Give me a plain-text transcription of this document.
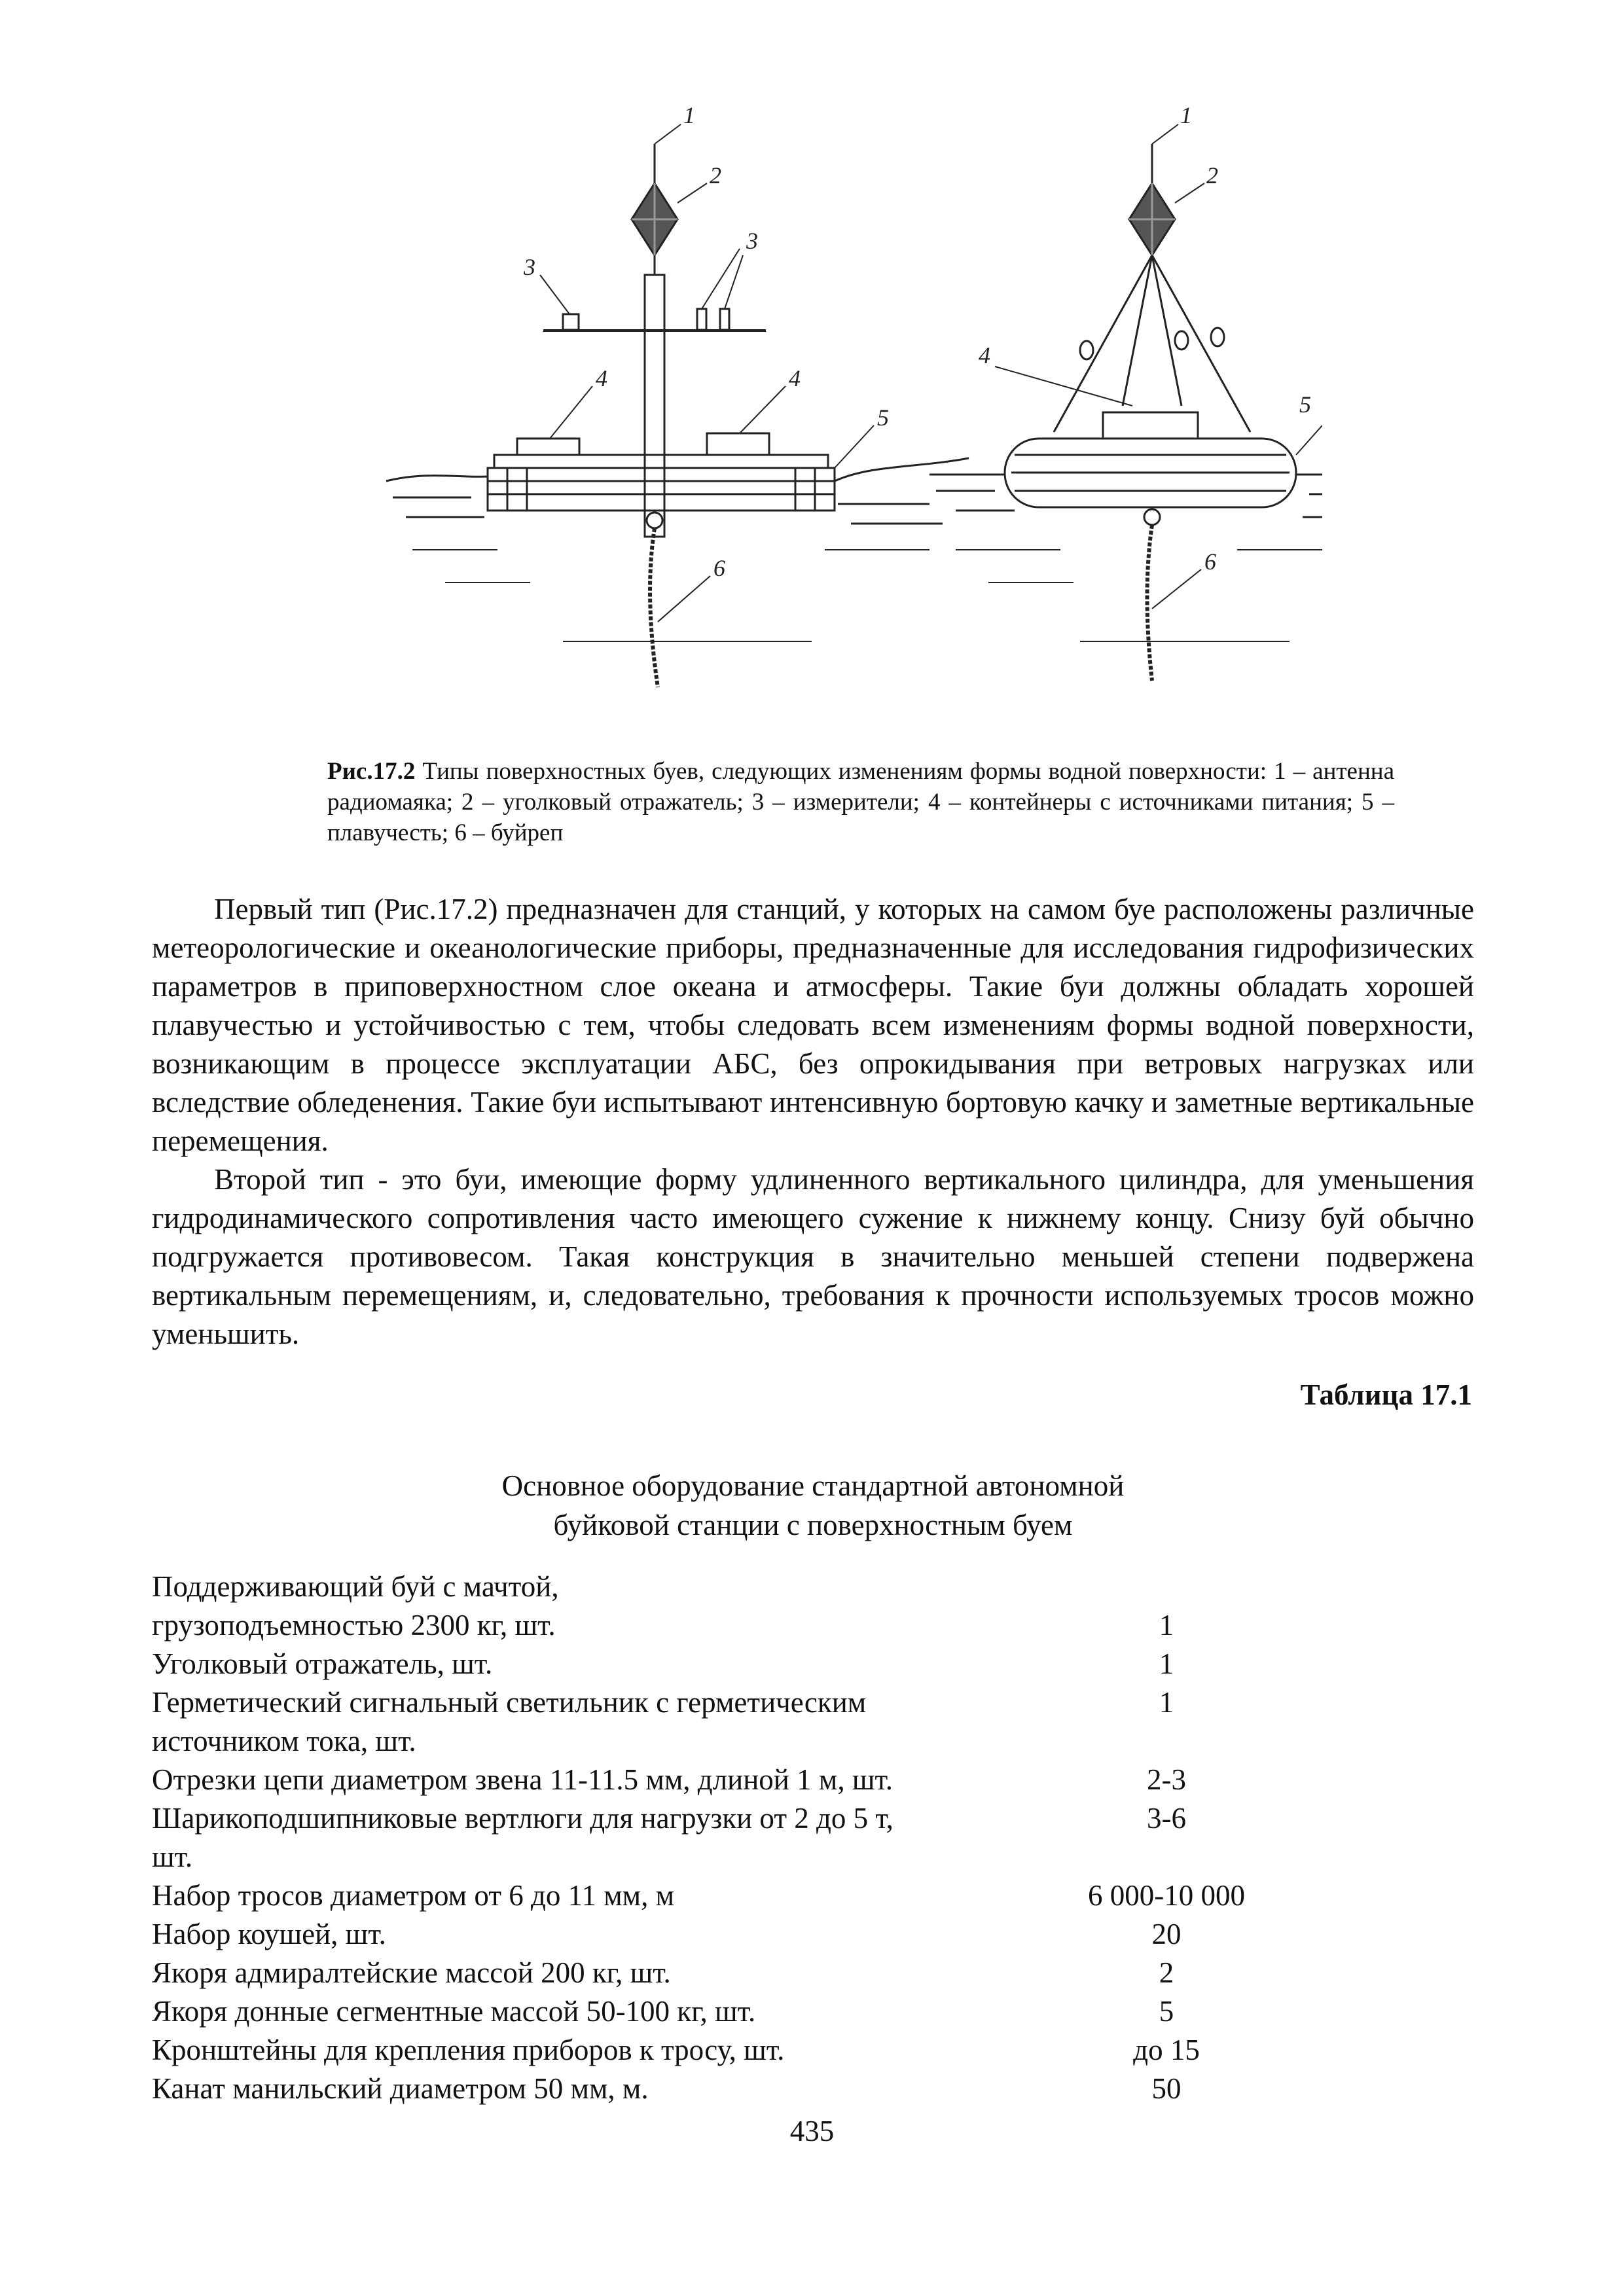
1
2
3
3
4	4
5
6
1
2
4
5
6
Рис.17.2 Типы поверхностных буев, следующих изменениям формы водной поверхности: 1 – антенна радиомаяка; 2 – уголковый отражатель; 3 – измерители; 4 – контейнеры с источниками питания; 5 – плавучесть; 6 – буйреп

Первый тип (Рис.17.2) предназначен для станций, у которых на самом буе расположены различные метеорологические и океанологические приборы, предназначенные для исследования гидрофизических параметров в приповерхностном слое океана и атмосферы. Такие буи должны обладать хорошей плавучестью и устойчивостью с тем, чтобы следовать всем изменениям формы водной поверхности, возникающим в процессе эксплуатации АБС, без опрокидывания при ветровых нагрузках или вследствие обледенения. Такие буи испытывают интенсивную бортовую качку и заметные вертикальные перемещения.

Второй тип - это буи, имеющие форму удлиненного вертикального цилиндра, для уменьшения гидродинамического сопротивления часто имеющего сужение к нижнему концу. Снизу буй обычно подгружается противовесом. Такая конструкция в значительно меньшей степени подвержена вертикальным перемещениям, и, следовательно, требования к прочности используемых тросов можно уменьшить.

Таблица 17.1
Основное оборудование стандартной автономной
буйковой станции с поверхностным буем
Поддерживающий буй с мачтой,
грузоподъемностью 2300 кг, шт.	1
Уголковый отражатель, шт.	1
Герметический сигнальный светильник с герметическим	1
источником тока, шт.
Отрезки цепи диаметром звена 11-11.5 мм, длиной 1 м, шт.	2-3
Шарикоподшипниковые вертлюги для нагрузки от 2 до 5 т,	3-6
шт.
Набор тросов диаметром от 6 до 11 мм, м	6 000-10 000
Набор коушей, шт.	20
Якоря адмиралтейские массой 200 кг, шт.	2
Якоря донные сегментные массой 50-100 кг, шт.	5
Кронштейны для крепления приборов к тросу, шт.	до 15
Канат манильский диаметром 50 мм, м.	50
435
